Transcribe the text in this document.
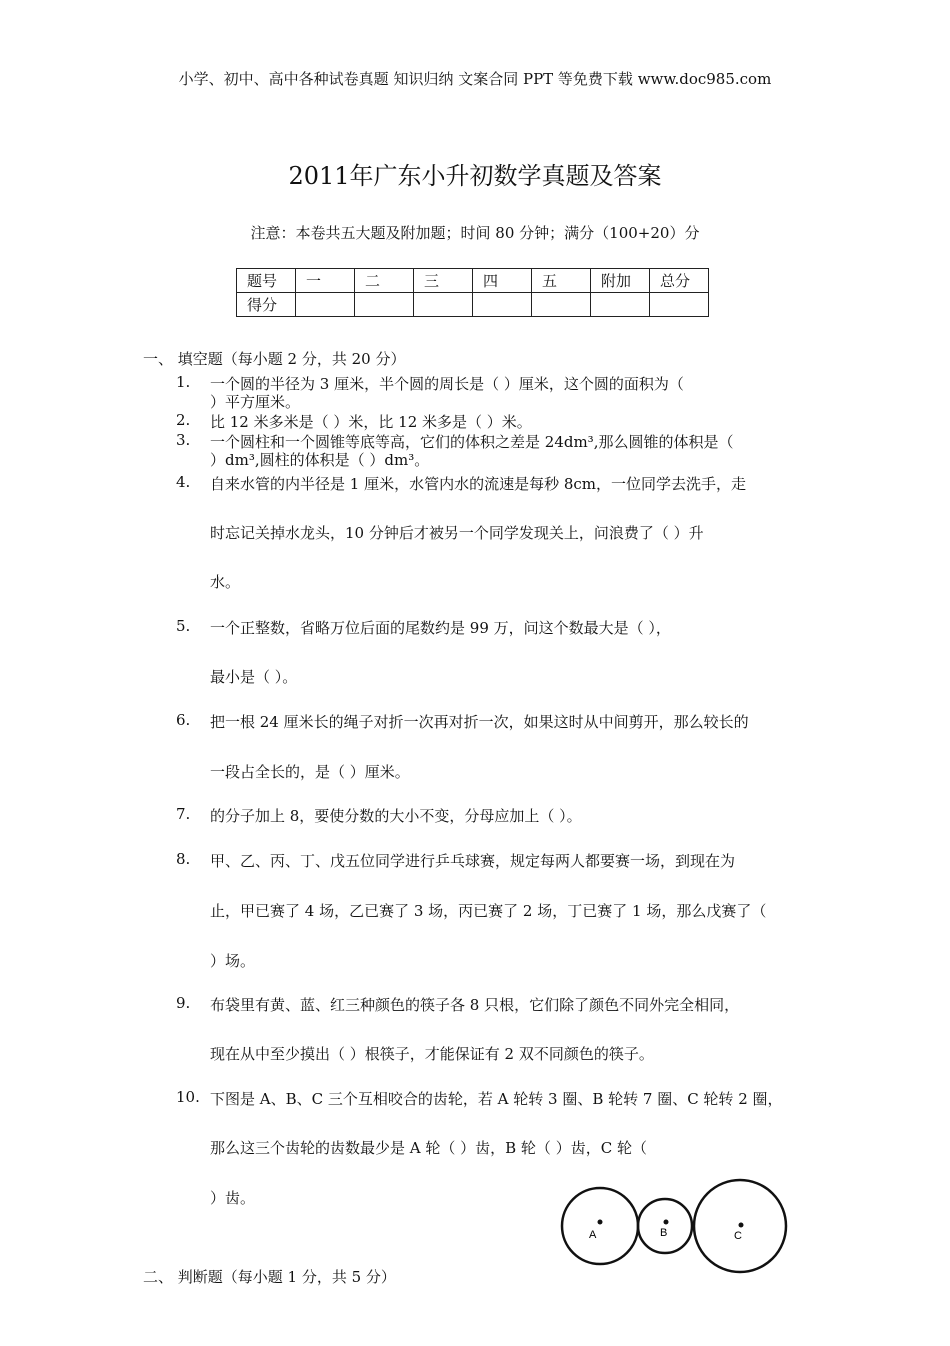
小学、初中、高中各种试卷真题 知识归纳 文案合同 PPT 等免费下载 www.doc985.com
2011年广东小升初数学真题及答案
注意：本卷共五大题及附加题；时间 80 分钟；满分（100+20）分
题号	一	二	三	四	五	附加	总分
得分							
一、 填空题（每小题 2 分，共 20 分）
1. 一个圆的半径为 3 厘米，半个圆的周长是（ ）厘米，这个圆的面积为（
）平方厘米。
2. 比 12 米多米是（ ）米，比 12 米多是（ ）米。
3. 一个圆柱和一个圆锥等底等高，它们的体积之差是 24dm³,那么圆锥的体积是（
）dm³,圆柱的体积是（ ）dm³。
4. 自来水管的内半径是 1 厘米，水管内水的流速是每秒 8cm，一位同学去洗手，走
时忘记关掉水龙头，10 分钟后才被另一个同学发现关上，问浪费了（ ）升
水。
5. 一个正整数，省略万位后面的尾数约是 99 万，问这个数最大是（ ），
最小是（ ）。
6. 把一根 24 厘米长的绳子对折一次再对折一次，如果这时从中间剪开，那么较长的
一段占全长的，是（ ）厘米。
7. 的分子加上 8，要使分数的大小不变，分母应加上（ ）。
8. 甲、乙、丙、丁、戊五位同学进行乒乓球赛，规定每两人都要赛一场，到现在为
止，甲已赛了 4 场，乙已赛了 3 场，丙已赛了 2 场，丁已赛了 1 场，那么戊赛了（
）场。
9. 布袋里有黄、蓝、红三种颜色的筷子各 8 只根，它们除了颜色不同外完全相同，
现在从中至少摸出（ ）根筷子，才能保证有 2 双不同颜色的筷子。
10. 下图是 A、B、C 三个互相咬合的齿轮，若 A 轮转 3 圈、B 轮转 7 圈、C 轮转 2 圈，
那么这三个齿轮的齿数最少是 A 轮（ ）齿，B 轮（ ）齿，C 轮（
）齿。
A	B	C
二、 判断题（每小题 1 分，共 5 分）
